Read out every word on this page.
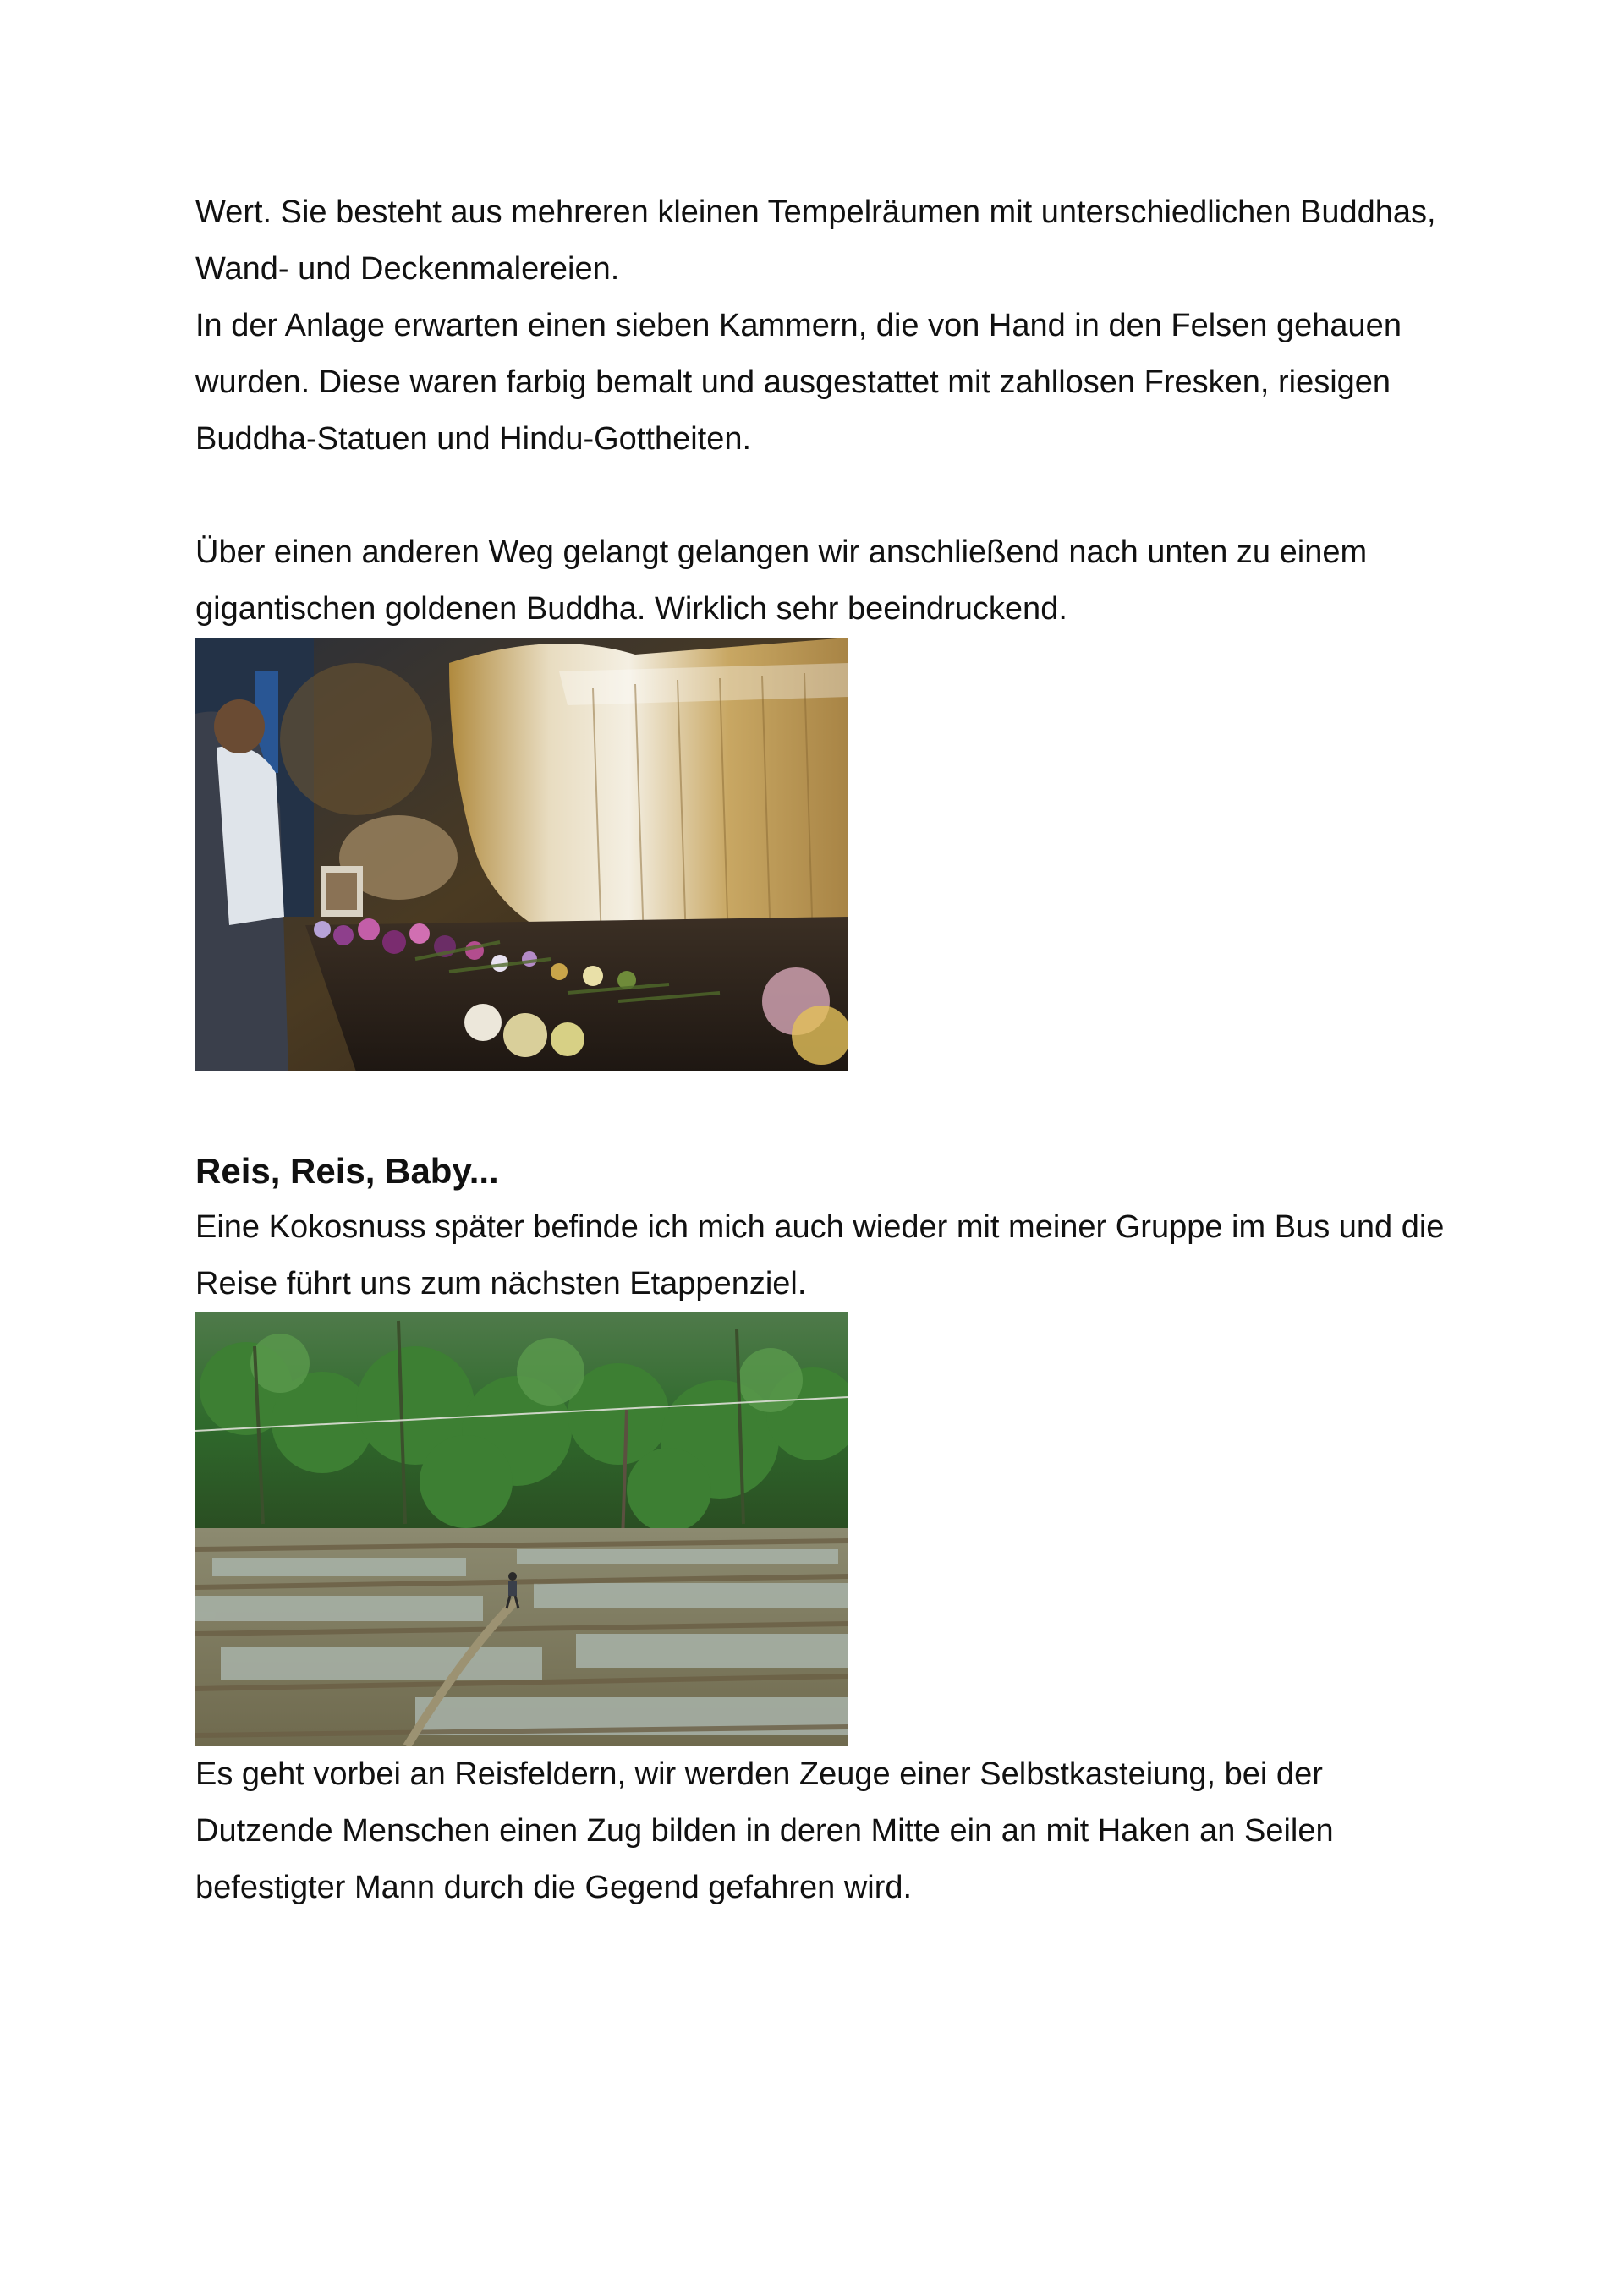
Wert. Sie besteht aus mehreren kleinen Tempelräumen mit unterschiedlichen Buddhas,
Wand- und Deckenmalereien.

In der Anlage erwarten einen sieben Kammern, die von Hand in den Felsen gehauen
wurden. Diese waren farbig bemalt und ausgestattet mit zahllosen Fresken, riesigen
Buddha-Statuen und Hindu-Gottheiten.

Über einen anderen Weg gelangt gelangen wir anschließend nach unten zu einem
gigantischen goldenen Buddha. Wirklich sehr beeindruckend.

Reis, Reis, Baby...

Eine Kokosnuss später befinde ich mich auch wieder mit meiner Gruppe im Bus und die
Reise führt uns zum nächsten Etappenziel.

Es geht vorbei an Reisfeldern, wir werden Zeuge einer Selbstkasteiung, bei der
Dutzende Menschen einen Zug bilden in deren Mitte ein an mit Haken an Seilen
befestigter Mann durch die Gegend gefahren wird.
